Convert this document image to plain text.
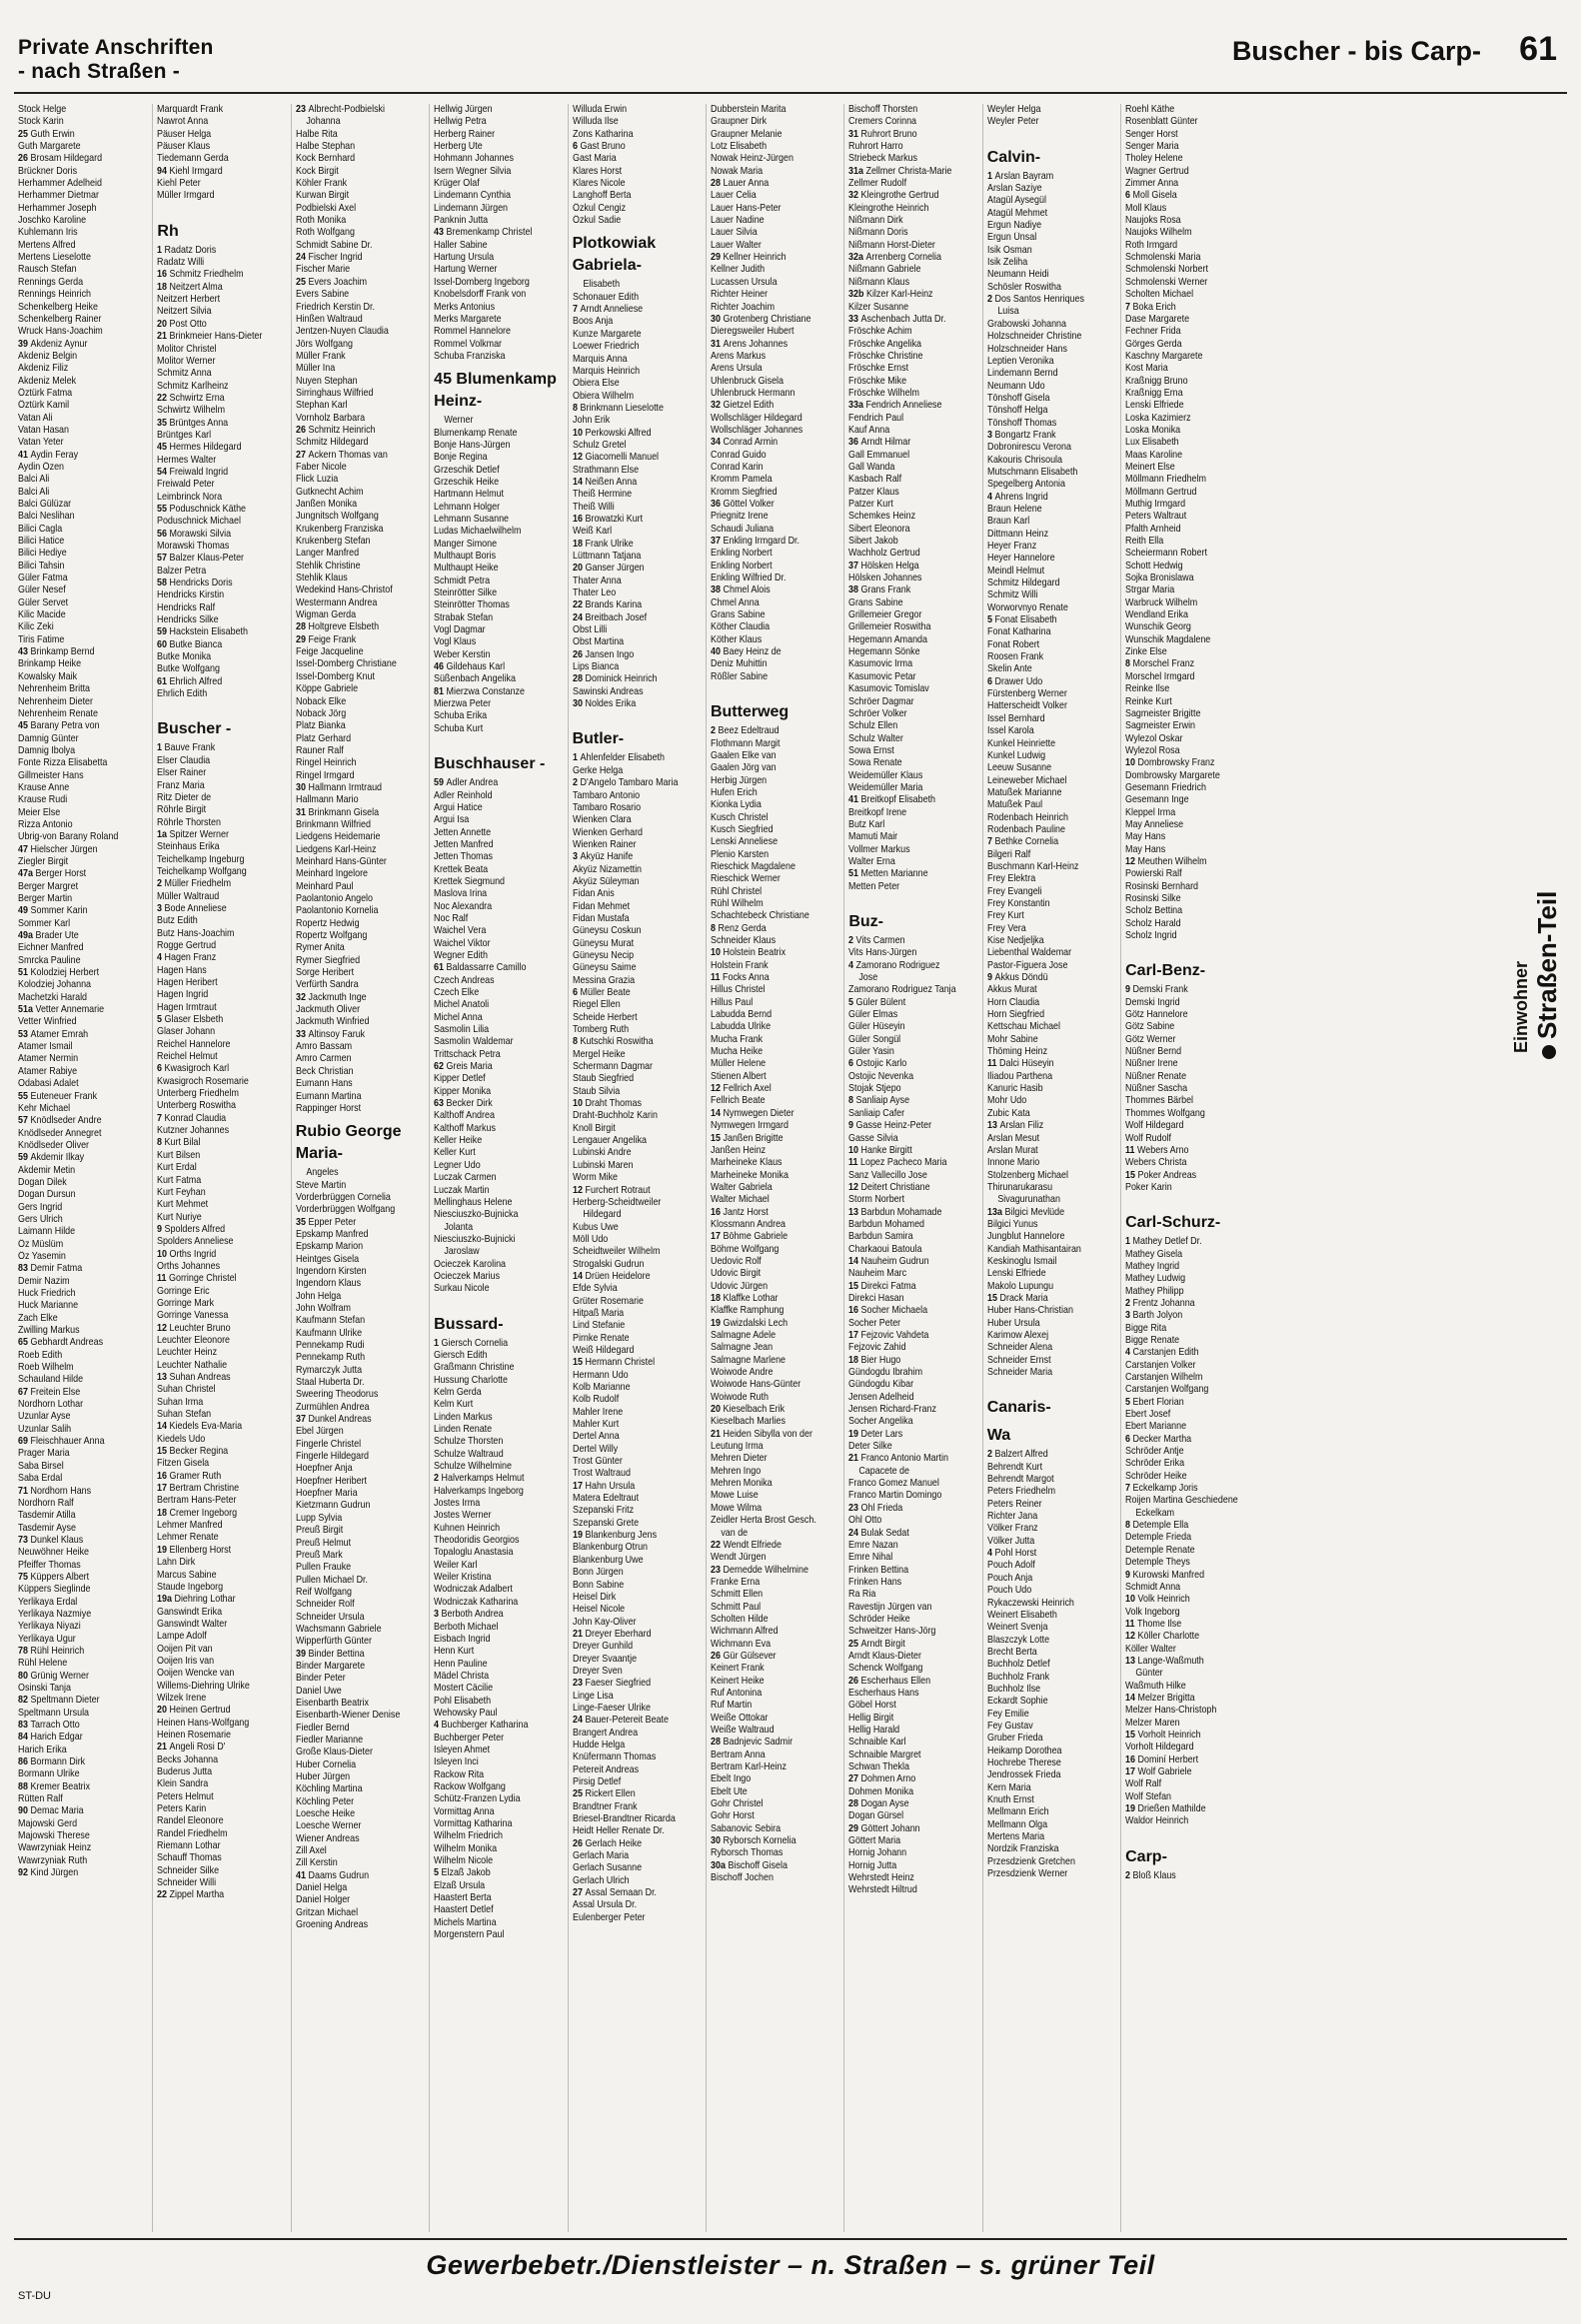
Private Anschriften
- nach Straßen -
Buscher - bis Carp- 61
Stock Helge
Stock Karin
25 Guth Erwin
Guth Margarete
26 Brosam Hildegard
Brückner Doris
Herhammer Adelheid
Herhammer Dietmar
Herhammer Joseph
Joschko Karoline
Kuhlemann Iris
Mertens Alfred
Mertens Lieselotte
Rausch Stefan
Rennings Gerda
Rennings Heinrich
Schenkelberg Heike
Schenkelberg Rainer
Wruck Hans-Joachim
39 Akdeniz Aynur
Akdeniz Belgin
Akdeniz Filiz
Akdeniz Melek
Öztürk Fatma
Öztürk Kamil
Vatan Ali
Vatan Hasan
Vatan Yeter
41 Aydin Feray
Aydin Özen
Balci Ali
Balci Ali
Balci Gülüzar
Balci Neslihan
Bilici Cagla
Bilici Hatice
Bilici Hediye
Bilici Tahsin
Güler Fatma
Güler Nesef
Güler Servet
Kilic Macide
Kilic Zeki
Tiris Fatime
43 Brinkamp Bernd
Brinkamp Heike
Kowalsky Maik
Nehrenheim Britta
Nehrenheim Dieter
Nehrenheim Renate
45 Barany Petra von
Damnig Günter
Damnig Ibolya
Fonte Rizza Elisabetta
Gillmeister Hans
Krause Anne
Krause Rudi
Meier Else
Rizza Antonio
Ubrig-von Barany Roland
47 Hielscher Jürgen
Ziegler Birgit
47a Berger Horst
Berger Margret
Berger Martin
49 Sommer Karin
Sommer Karl
49a Brader Ute
Eichner Manfred
Smrcka Pauline
51 Kolodziej Herbert
Kolodziej Johanna
Machetzki Harald
51a Vetter Annemarie
Vetter Winfried
53 Atamer Emrah
Atamer Ismail
Atamer Nermin
Atamer Rabiye
Odabasi Adalet
55 Euteneuer Frank
Kehr Michael
57 Knödlseder Andre
Knödlseder Annegret
Knödlseder Oliver
59 Akdemir Ilkay
Akdemir Metin
Dogan Dilek
Dogan Dursun
Gers Ingrid
Gers Ulrich
Laimann Hilde
Öz Müslüm
Öz Yasemin
83 Demir Fatma
Demir Nazim
Huck Friedrich
Huck Marianne
Zach Elke
Zwilling Markus
65 Gebhardt Andreas
Roeb Edith
Roeb Wilhelm
Schauland Hilde
67 Freitein Else
Nordhorn Lothar
Uzunlar Ayse
Uzunlar Salih
69 Fleischhauer Anna
Prager Maria
Saba Birsel
Saba Erdal
71 Nordhorn Hans
Nordhorn Ralf
Tasdemir Atilla
Tasdemir Ayse
73 Dunkel Klaus
Neuwöhner Heike
Pfeiffer Thomas
75 Küppers Albert
Küppers Sieglinde
Yerlikaya Erdal
Yerlikaya Nazmiye
Yerlikaya Niyazi
Yerlikaya Ugur
78 Rühl Heinrich
Rühl Helene
80 Grünig Werner
Osinski Tanja
82 Speltmann Dieter
Speltmann Ursula
83 Tarrach Otto
84 Harich Edgar
Harich Erika
86 Bormann Dirk
Bormann Ulrike
88 Kremer Beatrix
Rütten Ralf
90 Demac Maria
Majowski Gerd
Majowski Therese
Wawrzyniak Heinz
Wawrzyniak Ruth
92 Kind Jürgen
Marquardt Frank
Nawrot Anna
Päuser Helga
Päuser Klaus
Tiedemann Gerda
94 Kiehl Irmgard
Kiehl Peter
Müller Irmgard
Rh
1 Radatz Doris
Radatz Willi
16 Schmitz Friedhelm
18 Neitzert Alma
Neitzert Herbert
Neitzert Silvia
20 Post Otto
21 Brinkmeier Hans-Dieter
Molitor Christel
Molitor Werner
Schmitz Anna
Schmitz Karlheinz
22 Schwirtz Erna
Schwirtz Wilhelm
35 Brüntges Anna
Brüntges Karl
45 Hermes Hildegard
Hermes Walter
54 Freiwald Ingrid
Freiwald Peter
Leimbrinck Nora
55 Poduschnick Käthe
Poduschnick Michael
56 Morawski Silvia
Morawski Thomas
57 Balzer Klaus-Peter
Balzer Petra
58 Hendricks Doris
Hendricks Kirstin
Hendricks Ralf
Hendricks Silke
59 Hackstein Elisabeth
60 Butke Bianca
Butke Monika
Butke Wolfgang
61 Ehrlich Alfred
Ehrlich Edith
Buscher -
1 Bauve Frank
Elser Claudia
Elser Rainer
Franz Maria
Ritz Dieter de
Röhrle Birgit
Röhrle Thorsten
1a Spitzer Werner
Steinhaus Erika
Teichelkamp Ingeburg
Teichelkamp Wolfgang
2 Müller Friedhelm
Müller Waltraud
3 Bode Anneliese
Butz Edith
Butz Hans-Joachim
Rogge Gertrud
4 Hagen Franz
Hagen Hans
Hagen Heribert
Hagen Ingrid
Hagen Irmtraut
5 Glaser Elsbeth
Glaser Johann
Reichel Hannelore
Reichel Helmut
6 Kwasigroch Karl
Kwasigroch Rosemarie
Unterberg Friedhelm
Unterberg Roswitha
7 Konrad Claudia
Kutzner Johannes
8 Kurt Bilal
Kurt Bilsen
Kurt Erdal
Kurt Fatma
Kurt Feyhan
Kurt Mehmet
Kurt Nuriye
9 Spolders Alfred
Spolders Anneliese
10 Orths Ingrid
Orths Johannes
11 Gorringe Christel
Gorringe Eric
Gorringe Mark
Gorringe Vanessa
12 Leuchter Bruno
Leuchter Eleonore
Leuchter Heinz
Leuchter Nathalie
13 Suhan Andreas
Suhan Christel
Suhan Irma
Suhan Stefan
14 Kiedels Eva-Maria
Kiedels Udo
15 Becker Regina
Fitzen Gisela
16 Gramer Ruth
17 Bertram Christine
Bertram Hans-Peter
18 Cremer Ingeborg
Lehmer Manfred
Lehmer Renate
19 Ellenberg Horst
Lahn Dirk
Marcus Sabine
Staude Ingeborg
19a Diehring Lothar
Ganswindt Erika
Ganswindt Walter
Lampe Adolf
Ooijen Pit van
Ooijen Iris van
Ooijen Wencke van
Willems-Diehring Ulrike
Wilzek Irene
20 Heinen Gertrud
Heinen Hans-Wolfgang
Heinen Rosemarie
21 Angeli Rosi D'
Becks Johanna
Buderus Jutta
Klein Sandra
Peters Helmut
Peters Karin
Randel Eleonore
Randel Friedhelm
Riemann Lothar
Schauff Thomas
Schneider Silke
Schneider Willi
22 Zippel Martha
23 Albrecht-Podbielski
Johanna
Halbe Rita
Halbe Stephan
Kock Bernhard
Kock Birgit
Köhler Frank
Kurwan Birgit
Podbielski Axel
Roth Monika
Roth Wolfgang
Schmidt Sabine Dr.
24 Fischer Ingrid
Fischer Marie
25 Evers Joachim
Evers Sabine
Friedrich Kerstin Dr.
Hinßen Waltraud
Jentzen-Nuyen Claudia
Jörs Wolfgang
Müller Frank
Müller Ina
Nuyen Stephan
Sirringhaus Wilfried
Stephan Karl
Vornholz Barbara
26 Schmitz Heinrich
Schmitz Hildegard
27 Ackern Thomas van
Faber Nicole
Flick Luzia
Gutknecht Achim
Janßen Monika
Jungnitsch Wolfgang
Krukenberg Franziska
Krukenberg Stefan
Langer Manfred
Stehlik Christine
Stehlik Klaus
Wedekind Hans-Christof
Westermann Andrea
Wigman Gerda
28 Holtgreve Elsbeth
29 Feige Frank
Feige Jacqueline
Issel-Domberg Christiane
Issel-Domberg Knut
Köppe Gabriele
Noback Elke
Noback Jörg
Platz Bianka
Platz Gerhard
Rauner Ralf
Ringel Heinrich
Ringel Irmgard
30 Hallmann Irmtraud
Hallmann Mario
31 Brinkmann Gisela
Brinkmann Wilfried
Liedgens Heidemarie
Liedgens Karl-Heinz
Meinhard Hans-Günter
Meinhard Ingelore
Meinhard Paul
Paolantonio Angelo
Paolantonio Kornelia
Ropertz Hedwig
Ropertz Wolfgang
Rymer Anita
Rymer Siegfried
Sorge Heribert
Verfürth Sandra
32 Jackmuth Inge
Jackmuth Oliver
Jackmuth Winfried
33 Altinsoy Faruk
Amro Bassam
Amro Carmen
Beck Christian
Eumann Hans
Eumann Martina
Rappinger Horst
Rubio George Maria-
Angeles
Steve Martin
Vorderbrüggen Cornelia
Vorderbrüggen Wolfgang
35 Epper Peter
Epskamp Manfred
Epskamp Marion
Heintges Gisela
Ingendorn Kirsten
Ingendorn Klaus
John Helga
John Wolfram
Kaufmann Stefan
Kaufmann Ulrike
Pennekamp Rudi
Pennekamp Ruth
Rymarczyk Jutta
Staal Huberta Dr.
Sweering Theodorus
Zurmühlen Andrea
37 Dunkel Andreas
Ebel Jürgen
Fingerle Christel
Fingerle Hildegard
Hoepfner Anja
Hoepfner Heribert
Hoepfner Maria
Kietzmann Gudrun
Lupp Sylvia
Preuß Birgit
Preuß Helmut
Preuß Mark
Pullen Frauke
Pullen Michael Dr.
Reif Wolfgang
Schneider Rolf
Schneider Ursula
Wachsmann Gabriele
Wipperfürth Günter
39 Binder Bettina
Binder Margarete
Binder Peter
Daniel Uwe
Eisenbarth Beatrix
Eisenbarth-Wiener Denise
Fiedler Bernd
Fiedler Marianne
Große Klaus-Dieter
Huber Cornelia
Huber Jürgen
Köchling Martina
Köchling Peter
Loesche Heike
Loesche Werner
Wiener Andreas
Zill Axel
Zill Kerstin
41 Daams Gudrun
Daniel Helga
Daniel Holger
Gritzan Michael
Groening Andreas
Hellwig Jürgen
Hellwig Petra
Herberg Rainer
Herberg Ute
Hohmann Johannes
Isern Wegner Silvia
Krüger Olaf
Lindemann Cynthia
Lindemann Jürgen
Panknin Jutta
43 Bremenkamp Christel
Haller Sabine
Hartung Ursula
Hartung Werner
Issel-Domberg Ingeborg
Knobelsdorff Frank von
Merks Antonius
Merks Margarete
Rommel Hannelore
Rommel Volkmar
Schuba Franziska
45 Blumenkamp Heinz-
Werner
Blumenkamp Renate
Bonje Hans-Jürgen
Bonje Regina
Grzeschik Detlef
Grzeschik Heike
Hartmann Helmut
Lehmann Holger
Lehmann Susanne
Ludas Michaelwilhelm
Manger Simone
Multhaupt Boris
Multhaupt Heike
Schmidt Petra
Steinrötter Silke
Steinrötter Thomas
Strabak Stefan
Vogl Dagmar
Vogl Klaus
Weber Kerstin
46 Gildehaus Karl
Süßenbach Angelika
81 Mierzwa Constanze
Mierzwa Peter
Schuba Erika
Schuba Kurt
Buschhauser -
59 Adler Andrea
Adler Reinhold
Argui Hatice
Argui Isa
Jetten Annette
Jetten Manfred
Jetten Thomas
Krettek Beata
Krettek Siegmund
Maslova Irina
Noc Alexandra
Noc Ralf
Waichel Vera
Waichel Viktor
Wegner Edith
61 Baldassarre Camillo
Czech Andreas
Czech Elke
Michel Anatoli
Michel Anna
Sasmolin Lilia
Sasmolin Waldemar
Trittschack Petra
62 Greis Maria
Kipper Detlef
Kipper Monika
63 Becker Dirk
Kalthoff Andrea
Kalthoff Markus
Keller Heike
Keller Kurt
Legner Udo
Luczak Carmen
Luczak Martin
Mellinghaus Helene
Niesciuszko-Bujnicka
Jolanta
Niesciuszko-Bujnicki
Jaroslaw
Ocieczek Karolina
Ocieczek Marius
Surkau Nicole
Bussard-
1 Giersch Cornelia
Giersch Edith
Graßmann Christine
Hussung Charlotte
Kelm Gerda
Kelm Kurt
Linden Markus
Linden Renate
Schulze Thorsten
Schulze Waltraud
Schulze Wilhelmine
2 Halverkamps Helmut
Halverkamps Ingeborg
Jostes Irma
Jostes Werner
Kuhnen Heinrich
Theodoridis Georgios
Topaloglu Anastasia
Weiler Karl
Weiler Kristina
Wodniczak Adalbert
Wodniczak Katharina
3 Berboth Andrea
Berboth Michael
Eisbach Ingrid
Henn Kurt
Henn Pauline
Mädel Christa
Mostert Cäcilie
Pohl Elisabeth
Wehowsky Paul
4 Buchberger Katharina
Buchberger Peter
Isleyen Ahmet
Isleyen Inci
Rackow Rita
Rackow Wolfgang
Schütz-Franzen Lydia
Vormittag Anna
Vormittag Katharina
Wilhelm Friedrich
Wilhelm Monika
Wilhelm Nicole
5 Elzaß Jakob
Elzaß Ursula
Haastert Berta
Haastert Detlef
Michels Martina
Morgenstern Paul
Willuda Erwin
Willuda Ilse
Zons Katharina
6 Gast Bruno
Gast Maria
Klares Horst
Klares Nicole
Langhoff Berta
Özkul Cengiz
Özkul Sadie
Plotkowiak Gabriela-
Elisabeth
Schonauer Edith
7 Arndt Anneliese
Boos Anja
Kunze Margarete
Loewer Friedrich
Marquis Anna
Marquis Heinrich
Obiera Else
Obiera Wilhelm
8 Brinkmann Lieselotte
John Erik
10 Perkowski Alfred
Schulz Gretel
12 Giacomelli Manuel
Strathmann Else
14 Neißen Anna
Theiß Hermine
Theiß Willi
16 Browatzki Kurt
Weiß Karl
18 Frank Ulrike
Lüttmann Tatjana
20 Ganser Jürgen
Thater Anna
Thater Leo
22 Brands Karina
24 Breitbach Josef
Obst Lilli
Obst Martina
26 Jansen Ingo
Lips Bianca
28 Dominick Heinrich
Sawinski Andreas
30 Noldes Erika
Butler-
1 Ahlenfelder Elisabeth
Gerke Helga
2 D'Angelo Tambaro Maria
Tambaro Antonio
Tambaro Rosario
Wienken Clara
Wienken Gerhard
Wienken Rainer
3 Akyüz Hanife
Akyüz Nizamettin
Akyüz Süleyman
Fidan Anis
Fidan Mehmet
Fidan Mustafa
Güneysu Coskun
Güneysu Murat
Güneysu Necip
Güneysu Saime
Messina Grazia
6 Müller Beate
Riegel Ellen
Scheide Herbert
Tomberg Ruth
8 Kutschki Roswitha
Mergel Heike
Schermann Dagmar
Staub Siegfried
Staub Silvia
10 Draht Thomas
Draht-Buchholz Karin
Knoll Birgit
Lengauer Angelika
Lubinski Andre
Lubinski Maren
Worm Mike
12 Furchert Rotraut
Herberg-Scheidtweiler
Hildegard
Kubus Uwe
Möll Udo
Scheidtweiler Wilhelm
Strogalski Gudrun
14 Drüen Heidelore
Efde Sylvia
Grüter Rosemarie
Hitpaß Maria
Lind Stefanie
Pirnke Renate
Weiß Hildegard
15 Hermann Christel
Hermann Udo
Kolb Marianne
Kolb Rudolf
Mahler Irene
Mahler Kurt
Dertel Anna
Dertel Willy
Trost Günter
Trost Waltraud
17 Hahn Ursula
Matera Edeltraut
Szepanski Fritz
Szepanski Grete
19 Blankenburg Jens
Blankenburg Otrun
Blankenburg Uwe
Bonn Jürgen
Bonn Sabine
Heisel Dirk
Heisel Nicole
John Kay-Oliver
21 Dreyer Eberhard
Dreyer Gunhild
Dreyer Svaantje
Dreyer Sven
23 Faeser Siegfried
Linge Lisa
Linge-Faeser Ulrike
24 Bauer-Petereit Beate
Brangert Andrea
Hudde Helga
Knüfermann Thomas
Petereit Andreas
Pirsig Detlef
25 Rickert Ellen
Brandtner Frank
Briesel-Brandtner Ricarda
Heidt Heller Renate Dr.
26 Gerlach Heike
Gerlach Maria
Gerlach Susanne
Gerlach Ulrich
27 Assal Semaan Dr.
Assal Ursula Dr.
Eulenberger Peter
Dubberstein Marita
Graupner Dirk
Graupner Melanie
Lotz Elisabeth
Nowak Heinz-Jürgen
Nowak Maria
28 Lauer Anna
Lauer Celia
Lauer Hans-Peter
Lauer Nadine
Lauer Silvia
Lauer Walter
29 Kellner Heinrich
Kellner Judith
Lucassen Ursula
Richter Heiner
Richter Joachim
30 Grotenberg Christiane
Dieregsweiler Hubert
31 Arens Johannes
Arens Markus
Arens Ursula
Uhlenbruck Gisela
Uhlenbruck Hermann
32 Gietzel Edith
Wollschläger Hildegard
Wollschläger Johannes
34 Conrad Armin
Conrad Guido
Conrad Karin
Kromm Pamela
Kromm Siegfried
36 Göttel Volker
Priegnitz Irene
Schaudi Juliana
37 Enkling Irmgard Dr.
Enkling Norbert
Enkling Norbert
Enkling Wilfried Dr.
38 Chmel Alois
Chmel Anna
Grans Sabine
Köther Claudia
Köther Klaus
40 Baey Heinz de
Deniz Muhittin
Rößler Sabine
Butterweg
2 Beez Edeltraud
Flothmann Margit
Gaalen Elke van
Gaalen Jörg van
Herbig Jürgen
Hufen Erich
Kionka Lydia
Kusch Christel
Kusch Siegfried
Lenski Anneliese
Plenio Karsten
Rieschick Magdalene
Rieschick Werner
Rühl Christel
Rühl Wilhelm
Schachtebeck Christiane
8 Renz Gerda
Schneider Klaus
10 Holstein Beatrix
Holstein Frank
11 Focks Anna
Hillus Christel
Hillus Paul
Labudda Bernd
Labudda Ulrike
Mucha Frank
Mucha Heike
Müller Helene
Stienen Albert
12 Fellrich Axel
Fellrich Beate
14 Nymwegen Dieter
Nymwegen Irmgard
15 Janßen Brigitte
Janßen Heinz
Marheineke Klaus
Marheineke Monika
Walter Gabriela
Walter Michael
16 Jantz Horst
Klossmann Andrea
17 Böhme Gabriele
Böhme Wolfgang
Uedovic Rolf
Udovic Birgit
Udovic Jürgen
18 Klaffke Lothar
Klaffke Ramphung
19 Gwizdalski Lech
Salmagne Adele
Salmagne Jean
Salmagne Marlene
Woiwode Andre
Woiwode Hans-Günter
Woiwode Ruth
20 Kieselbach Erik
Kieselbach Marlies
21 Heiden Sibylla von der
Leutung Irma
Mehren Dieter
Mehren Ingo
Mehren Monika
Mowe Luise
Mowe Wilma
Zeidler Herta Brost Gesch.
van de
22 Wendt Elfriede
Wendt Jürgen
23 Dernedde Wilhelmine
Franke Erna
Schmitt Ellen
Schmitt Paul
Scholten Hilde
Wichmann Alfred
Wichmann Eva
26 Gür Gülsever
Keinert Frank
Keinert Heike
Ruf Antonina
Ruf Martin
Weiße Ottokar
Weiße Waltraud
28 Badnjevic Sadmir
Bertram Anna
Bertram Karl-Heinz
Ebelt Ingo
Ebelt Ute
Gohr Christel
Gohr Horst
Sabanovic Sebira
30 Ryborsch Kornelia
Ryborsch Thomas
30a Bischoff Gisela
Bischoff Jochen
Bischoff Thorsten
Cremers Corinna
31 Ruhrort Bruno
Ruhrort Harro
Striebeck Markus
31a Zellmer Christa-Marie
Zellmer Rudolf
32 Kleingrothe Gertrud
Kleingrothe Heinrich
Nißmann Dirk
Nißmann Doris
Nißmann Horst-Dieter
32a Arrenberg Cornelia
Nißmann Gabriele
Nißmann Klaus
32b Kilzer Karl-Heinz
Kilzer Susanne
33 Aschenbach Jutta Dr.
Fröschke Achim
Fröschke Angelika
Fröschke Christine
Fröschke Ernst
Fröschke Mike
Fröschke Wilhelm
33a Fendrich Anneliese
Fendrich Paul
Kauf Anna
36 Arndt Hilmar
Gall Emmanuel
Gall Wanda
Kasbach Ralf
Patzer Klaus
Patzer Kurt
Schemkes Heinz
Sibert Eleonora
Sibert Jakob
Wachholz Gertrud
37 Hölsken Helga
Hölsken Johannes
38 Grans Frank
Grans Sabine
Grillemeier Gregor
Grillemeier Roswitha
Hegemann Amanda
Hegemann Sönke
Kasumovic Irma
Kasumovic Petar
Kasumovic Tomislav
Schröer Dagmar
Schröer Volker
Schulz Ellen
Schulz Walter
Sowa Ernst
Sowa Renate
Weidemüller Klaus
Weidemüller Maria
41 Breitkopf Elisabeth
Breitkopf Irene
Butz Karl
Mamuti Mair
Vollmer Markus
Walter Erna
51 Metten Marianne
Metten Peter
Buz-
2 Vits Carmen
Vits Hans-Jürgen
4 Zamorano Rodriguez
Jose
Zamorano Rodriguez Tanja
5 Güler Bülent
Güler Elmas
Güler Hüseyin
Güler Songül
Güler Yasin
6 Ostojic Karlo
Ostojic Nevenka
Stojak Stjepo
8 Sanliaip Ayse
Sanliaip Cafer
9 Gasse Heinz-Peter
Gasse Silvia
10 Hanke Birgitt
11 Lopez Pacheco Maria
Sanz Vallecillo Jose
12 Deitert Christiane
Storm Norbert
13 Barbdun Mohamade
Barbdun Mohamed
Barbdun Samira
Charkaoui Batoula
14 Nauheim Gudrun
Nauheim Marc
15 Direkci Fatma
Direkci Hasan
16 Socher Michaela
Socher Peter
17 Fejzovic Vahdeta
Fejzovic Zahid
18 Bier Hugo
Gündogdu Ibrahim
Gündogdu Kibar
Jensen Adelheid
Jensen Richard-Franz
Socher Angelika
19 Deter Lars
Deter Silke
21 Franco Antonio Martin
Capacete de
Franco Gomez Manuel
Franco Martin Domingo
23 Ohl Frieda
Ohl Otto
24 Bulak Sedat
Emre Nazan
Emre Nihal
Frinken Bettina
Frinken Hans
Ra Ria
Ravestijn Jürgen van
Schröder Heike
Schweitzer Hans-Jörg
25 Arndt Birgit
Arndt Klaus-Dieter
Schenck Wolfgang
26 Escherhaus Ellen
Escherhaus Hans
Göbel Horst
Hellig Birgit
Hellig Harald
Schnaible Karl
Schnaible Margret
Schwan Thekla
27 Dohmen Arno
Dohmen Monika
28 Dogan Ayse
Dogan Gürsel
29 Göttert Johann
Göttert Maria
Hornig Johann
Hornig Jutta
Wehrstedt Heinz
Wehrstedt Hiltrud
Weyler Helga
Weyler Peter
Calvin-
1 Arslan Bayram
Arslan Saziye
Atagül Aysegül
Atagül Mehmet
Ergun Nadiye
Ergun Ünsal
Isik Osman
Isik Zeliha
Neumann Heidi
Schösler Roswitha
2 Dos Santos Henriques
Luisa
Grabowski Johanna
Holzschneider Christine
Holzschneider Hans
Leptien Veronika
Lindemann Bernd
Neumann Udo
Tönshoff Gisela
Tönshoff Helga
Tönshoff Thomas
3 Bongartz Frank
Dobronirescu Verona
Kakouris Chrisoula
Mutschmann Elisabeth
Spegelberg Antonia
4 Ahrens Ingrid
Braun Helene
Braun Karl
Dittmann Heinz
Heyer Franz
Heyer Hannelore
Meindl Helmut
Schmitz Hildegard
Schmitz Willi
Worworvnyo Renate
5 Fonat Elisabeth
Fonat Katharina
Fonat Robert
Roosen Frank
Skelin Ante
6 Drawer Udo
Fürstenberg Werner
Hatterscheidt Volker
Issel Bernhard
Issel Karola
Kunkel Heinriette
Kunkel Ludwig
Leeuw Susanne
Leineweber Michael
Matußek Marianne
Matußek Paul
Rodenbach Heinrich
Rodenbach Pauline
7 Bethke Cornelia
Bilgeri Ralf
Buschmann Karl-Heinz
Frey Elektra
Frey Evangeli
Frey Konstantin
Frey Kurt
Frey Vera
Kise Nedjeljka
Liebenthal Waldemar
Pastor-Figuera Jose
9 Akkus Döndü
Akkus Murat
Horn Claudia
Horn Siegfried
Kettschau Michael
Mohr Sabine
Thöming Heinz
11 Dalci Hüseyin
Iliadou Parthena
Kanuric Hasib
Mohr Udo
Zubic Kata
13 Arslan Filiz
Arslan Mesut
Arslan Murat
Innone Mario
Stolzenberg Michael
Thirunarukarasu
Sivagurunathan
13a Bilgici Mevlüde
Bilgici Yunus
Jungblut Hannelore
Kandiah Mathisantairan
Keskinoglu Ismail
Lenski Elfriede
Makolo Lupungu
15 Drack Maria
Huber Hans-Christian
Huber Ursula
Karimow Alexej
Schneider Alena
Schneider Ernst
Schneider Maria
Canaris-
Wa
2 Balzert Alfred
Behrendt Kurt
Behrendt Margot
Peters Friedhelm
Peters Reiner
Richter Jana
Völker Franz
Völker Jutta
4 Pohl Horst
Pouch Adolf
Pouch Anja
Pouch Udo
Rykaczewski Heinrich
Weinert Elisabeth
Weinert Svenja
Blaszczyk Lotte
Brecht Berta
Buchholz Detlef
Buchholz Frank
Buchholz Ilse
Eckardt Sophie
Fey Emilie
Fey Gustav
Gruber Frieda
Heikamp Dorothea
Hochrebe Therese
Jendrossek Frieda
Kern Maria
Knuth Ernst
Mellmann Erich
Mellmann Olga
Mertens Maria
Nordzik Franziska
Przesdzienk Gretchen
Przesdzienk Werner
Roehl Käthe
Rosenblatt Günter
Senger Horst
Senger Maria
Tholey Helene
Wagner Gertrud
Zimmer Anna
6 Moll Gisela
Moll Klaus
Naujoks Rosa
Naujoks Wilhelm
Roth Irmgard
Schmolenski Maria
Schmolenski Norbert
Schmolenski Werner
Scholten Michael
7 Boka Erich
Dase Margarete
Fechner Frida
Görges Gerda
Kaschny Margarete
Kost Maria
Kraßnigg Bruno
Kraßnigg Erna
Lenski Elfriede
Loska Kazimierz
Loska Monika
Lux Elisabeth
Maas Karoline
Meinert Else
Möllmann Friedhelm
Möllmann Gertrud
Muthig Irmgard
Peters Waltraut
Pfalth Arnheid
Reith Ella
Scheiermann Robert
Schott Hedwig
Sojka Bronislawa
Strgar Maria
Warbruck Wilhelm
Wendland Erika
Wunschik Georg
Wunschik Magdalene
Zinke Else
8 Morschel Franz
Morschel Irmgard
Reinke Ilse
Reinke Kurt
Sagmeister Brigitte
Sagmeister Erwin
Wylezol Oskar
Wylezol Rosa
10 Dombrowsky Franz
Dombrowsky Margarete
Gesemann Friedrich
Gesemann Inge
Kleppel Irma
May Anneliese
May Hans
May Hans
12 Meuthen Wilhelm
Powierski Ralf
Rosinski Bernhard
Rosinski Silke
Scholz Bettina
Scholz Harald
Scholz Ingrid
Carl-Benz-
9 Demski Frank
Demski Ingrid
Götz Hannelore
Götz Sabine
Götz Werner
Nüßner Bernd
Nüßner Irene
Nüßner Renate
Nüßner Sascha
Thommes Bärbel
Thommes Wolfgang
Wolf Hildegard
Wolf Rudolf
11 Webers Arno
Webers Christa
15 Poker Andreas
Poker Karin
Carl-Schurz-
1 Mathey Detlef Dr.
Mathey Gisela
Mathey Ingrid
Mathey Ludwig
Mathey Philipp
2 Frentz Johanna
3 Barth Jolyon
Bigge Rita
Bigge Renate
4 Carstanjen Edith
Carstanjen Volker
Carstanjen Wilhelm
Carstanjen Wolfgang
5 Ebert Florian
Ebert Josef
Ebert Marianne
6 Decker Martha
Schröder Antje
Schröder Erika
Schröder Heike
7 Eckelkamp Joris
Roijen Martina Geschiedene
Eckelkam
8 Detemple Ella
Detemple Frieda
Detemple Renate
Detemple Theys
9 Kurowski Manfred
Schmidt Anna
10 Volk Heinrich
Volk Ingeborg
11 Thome Ilse
12 Köller Charlotte
Köller Walter
13 Lange-Waßmuth
Günter
Waßmuth Hilke
14 Melzer Brigitta
Melzer Hans-Christoph
Melzer Maren
15 Vorholt Heinrich
Vorholt Hildegard
16 Dominí Herbert
17 Wolf Gabriele
Wolf Ralf
Wolf Stefan
19 Drießen Mathilde
Waldor Heinrich
Carp-
2 Bloß Klaus
Einwohner Straßen-Teil
Gewerbebetr./Dienstleister – n. Straßen – s. grüner Teil
ST-DU
